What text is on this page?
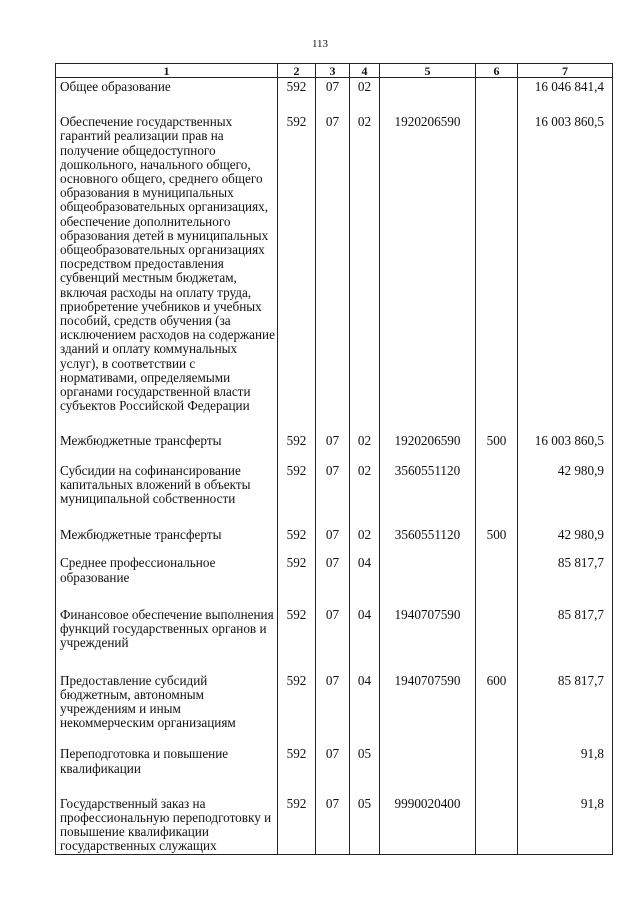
113
1	2	3	4	5	6	7
Общее образование	592	07	02			16 046 841,4
Обеспечение государственных гарантий реализации прав на получение общедоступного дошкольного, начального общего, основного общего, среднего общего образования в муниципальных общеобразовательных организациях, обеспечение дополнительного образования детей в муниципальных общеобразовательных организациях посредством предоставления субвенций местным бюджетам, включая расходы на оплату труда, приобретение учебников и учебных пособий, средств обучения (за исключением расходов на содержание зданий и оплату коммунальных услуг), в соответствии с нормативами, определяемыми органами государственной власти субъектов Российской Федерации	592	07	02	1920206590		16 003 860,5
Межбюджетные трансферты	592	07	02	1920206590	500	16 003 860,5
Субсидии на софинансирование капитальных вложений в объекты муниципальной собственности	592	07	02	3560551120		42 980,9
Межбюджетные трансферты	592	07	02	3560551120	500	42 980,9
Среднее профессиональное образование	592	07	04			85 817,7
Финансовое обеспечение выполнения функций государственных органов и учреждений	592	07	04	1940707590		85 817,7
Предоставление субсидий бюджетным, автономным учреждениям и иным некоммерческим организациям	592	07	04	1940707590	600	85 817,7
Переподготовка и повышение квалификации	592	07	05			91,8
Государственный заказ на профессиональную переподготовку и повышение квалификации государственных служащих	592	07	05	9990020400		91,8
